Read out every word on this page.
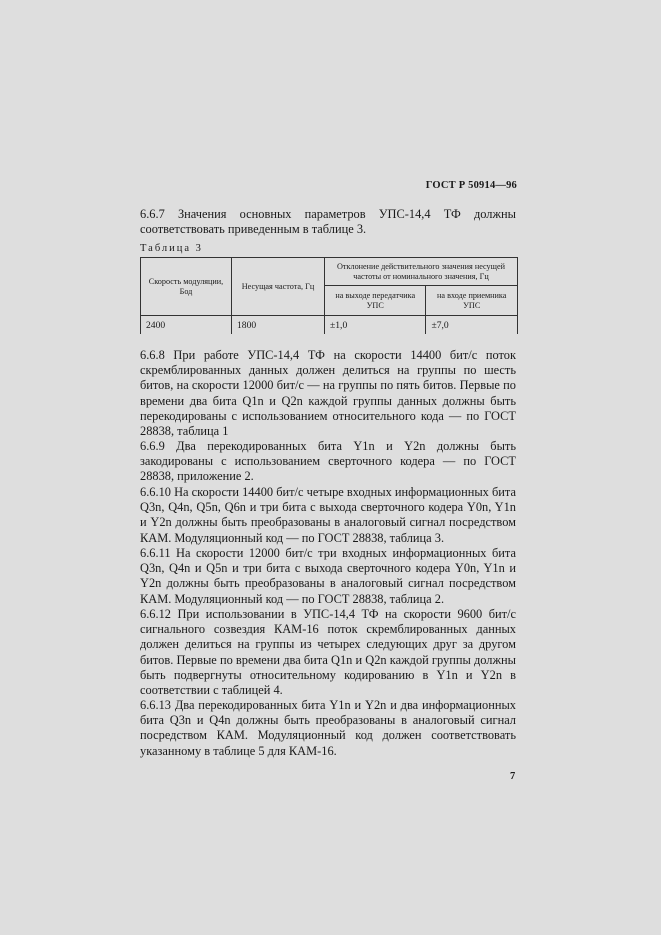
ГОСТ Р 50914—96

6.6.7 Значения основных параметров УПС-14,4 ТФ должны соответствовать приведенным в таблице 3.

Таблица 3
Скорость модуляции, Бод	Несущая частота, Гц	Отклонение действительного значения несущей частоты от номинального значения, Гц	
		на выходе передатчика УПС	на входе приемника УПС
2400	1800	±1,0	±7,0

6.6.8 При работе УПС-14,4 ТФ на скорости 14400 бит/с поток скремблированных данных должен делиться на группы по шесть битов, на скорости 12000 бит/с — на группы по пять битов. Первые по времени два бита Q1n и Q2n каждой группы данных должны быть перекодированы с использованием относительного кода — по ГОСТ 28838, таблица 1

6.6.9 Два перекодированных бита Y1n и Y2n должны быть закодированы с использованием сверточного кодера — по ГОСТ 28838, приложение 2.

6.6.10 На скорости 14400 бит/с четыре входных информационных бита Q3n, Q4n, Q5n, Q6n и три бита с выхода сверточного кодера Y0n, Y1n и Y2n должны быть преобразованы в аналоговый сигнал посредством КАМ. Модуляционный код — по ГОСТ 28838, таблица 3.

6.6.11 На скорости 12000 бит/с три входных информационных бита Q3n, Q4n и Q5n и три бита с выхода сверточного кодера Y0n, Y1n и Y2n должны быть преобразованы в аналоговый сигнал посредством КАМ. Модуляционный код — по ГОСТ 28838, таблица 2.

6.6.12 При использовании в УПС-14,4 ТФ на скорости 9600 бит/с сигнального созвездия КАМ-16 поток скремблированных данных должен делиться на группы из четырех следующих друг за другом битов. Первые по времени два бита Q1n и Q2n каждой группы должны быть подвергнуты относительному кодированию в Y1n и Y2n в соответствии с таблицей 4.

6.6.13 Два перекодированных бита Y1n и Y2n и два информационных бита Q3n и Q4n должны быть преобразованы в аналоговый сигнал посредством КАМ. Модуляционный код должен соответствовать указанному в таблице 5 для КАМ-16.

7
